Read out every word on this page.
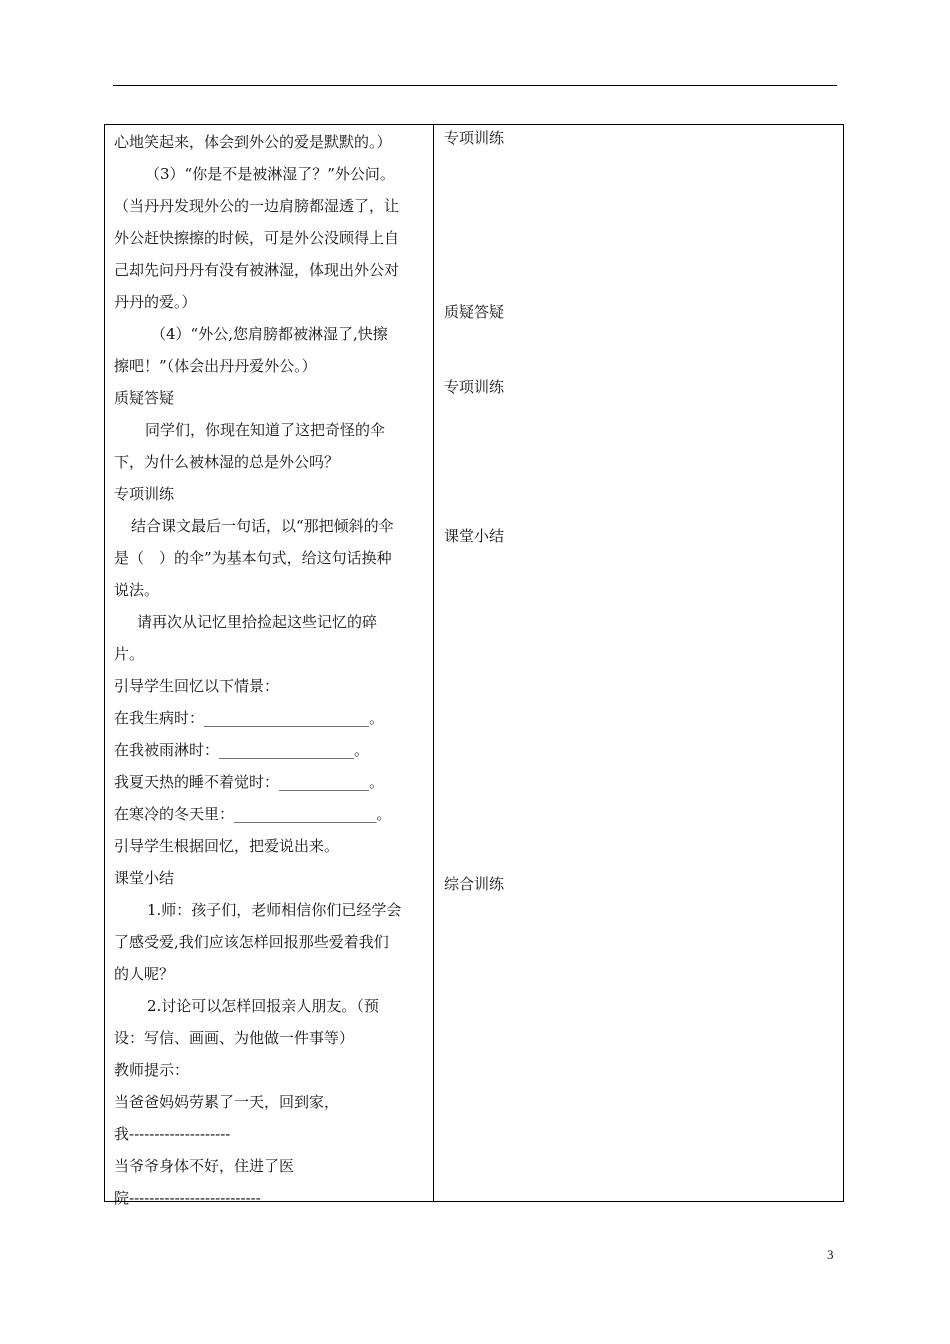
心地笑起来，体会到外公的爱是默默的。）
（3）“你是不是被淋湿了？”外公问。
（当丹丹发现外公的一边肩膀都湿透了，让
外公赶快擦擦的时候，可是外公没顾得上自
己却先问丹丹有没有被淋湿，体现出外公对
丹丹的爱。）
（4）“外公,您肩膀都被淋湿了,快擦
擦吧！”（体会出丹丹爱外公。）
质疑答疑
同学们，你现在知道了这把奇怪的伞
下，为什么被林湿的总是外公吗？
专项训练
结合课文最后一句话，以“那把倾斜的伞
是（　）的伞”为基本句式，给这句话换种
说法。
请再次从记忆里拾捡起这些记忆的碎
片。
引导学生回忆以下情景：
在我生病时：______________________。
在我被雨淋时：__________________。
我夏天热的睡不着觉时：____________。
在寒冷的冬天里：___________________。
引导学生根据回忆，把爱说出来。
课堂小结
1.师：孩子们，老师相信你们已经学会
了感受爱,我们应该怎样回报那些爱着我们
的人呢？
2.讨论可以怎样回报亲人朋友。（预
设：写信、画画、为他做一件事等）
教师提示：
当爸爸妈妈劳累了一天，回到家，
我--------------------
当爷爷身体不好，住进了医
院--------------------------
专项训练
质疑答疑
专项训练
课堂小结
综合训练
3
